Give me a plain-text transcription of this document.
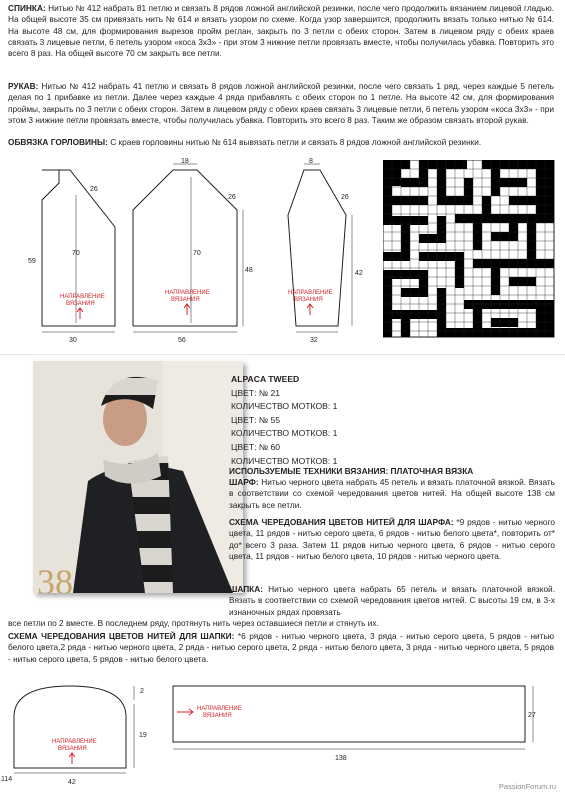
СПИНКА: Нитью № 412 набрать 81 петлю и связать 8 рядов ложной английской резинки, после чего продолжить вязанием лицевой гладью. На общей высоте 35 см привязать нить № 614 и вязать узором по схеме. Когда узор завершится, продолжить вязать только нитью № 614. На высоте 48 см, для формирования вырезов пройм реглан, закрыть по 3 петли с обеих сторон. Затем в лицевом ряду с обеих краев связать 3 лицевые петли, 6 петель узором «коса 3х3» - при этом 3 нижние петли провязать вместе, чтобы получилась убавка. Повторить это всего 8 раз. На общей высоте 70 см закрыть все петли.

РУКАВ: Нитью № 412 набрать 41 петлю и связать 8 рядов ложной английской резинки, после чего связать 1 ряд, через каждые 5 петель делая по 1 прибавке из петли. Далее через каждые 4 ряда прибавлять с обеих сторон по 1 петле. На высоте 42 см, для формирования проймы, закрыть по 3 петли с обеих сторон. Затем в лицевом ряду с обеих краев связать 3 лицевые петли, 6 петель узором «коса 3х3» - при этом 3 нижние петли провязать вместе, чтобы получилась убавка. Повторить это всего 8 раз. Таким же образом связать второй рукав.

ОБВЯЗКА ГОРЛОВИНЫ: С краев горловины нитью № 614 вывязать петли и связать 8 рядов ложной английской резинки.

59
70
26
30
НАПРАВЛЕНИЕ
ВЯЗАНИЯ
18
70
26
48
56
НАПРАВЛЕНИЕ
ВЯЗАНИЯ
8
26
42
32
НАПРАВЛЕНИЕ
ВЯЗАНИЯ
38
ALPACA TWEED
ЦВЕТ: № 21
КОЛИЧЕСТВО МОТКОВ: 1
ЦВЕТ: № 55
КОЛИЧЕСТВО МОТКОВ: 1
ЦВЕТ: № 60
КОЛИЧЕСТВО МОТКОВ: 1

ИСПОЛЬЗУЕМЫЕ ТЕХНИКИ ВЯЗАНИЯ: ПЛАТОЧНАЯ ВЯЗКА

ШАРФ: Нитью черного цвета набрать 45 петель и вязать платочной вязкой. Вязать в соответствии со схемой чередования цветов нитей. На общей высоте 138 см закрыть все петли.

СХЕМА ЧЕРЕДОВАНИЯ ЦВЕТОВ НИТЕЙ ДЛЯ ШАРФА: *9 рядов - нитью черного цвета, 11 рядов - нитью серого цвета, 6 рядов - нитью белого цвета*, повторить от* до* всего 3 раза. Затем 11 рядов нитью черного цвета, 6 рядов - нитью серого цвета, 11 рядов - нитью белого цвета, 10 рядов - нитью черного цвета.

ШАПКА: Нитью черного цвета набрать 65 петель и вязать платочной вязкой. Вязать в соответствии со схемой чередования цветов нитей. С высоты 19 см, в 3-х изнаночных рядах провязать

все петли по 2 вместе. В последнем ряду, протянуть нить через оставшиеся петли и стянуть их.

СХЕМА ЧЕРЕДОВАНИЯ ЦВЕТОВ НИТЕЙ ДЛЯ ШАПКИ: *6 рядов - нитью черного цвета, 3 ряда - нитью серого цвета, 5 рядов - нитью белого цвета,2 ряда - нитью черного цвета, 2 ряда - нитью серого цвета, 2 ряда - нитью белого цвета, 3 ряда - нитью черного цвета, 5 рядов - нитью серого цвета, 5 рядов - нитью белого цвета.

2
19
42
114
НАПРАВЛЕНИЕ
ВЯЗАНИЯ
27
138
НАПРАВЛЕНИЕ
ВЯЗАНИЯ
PassionForum.ru
